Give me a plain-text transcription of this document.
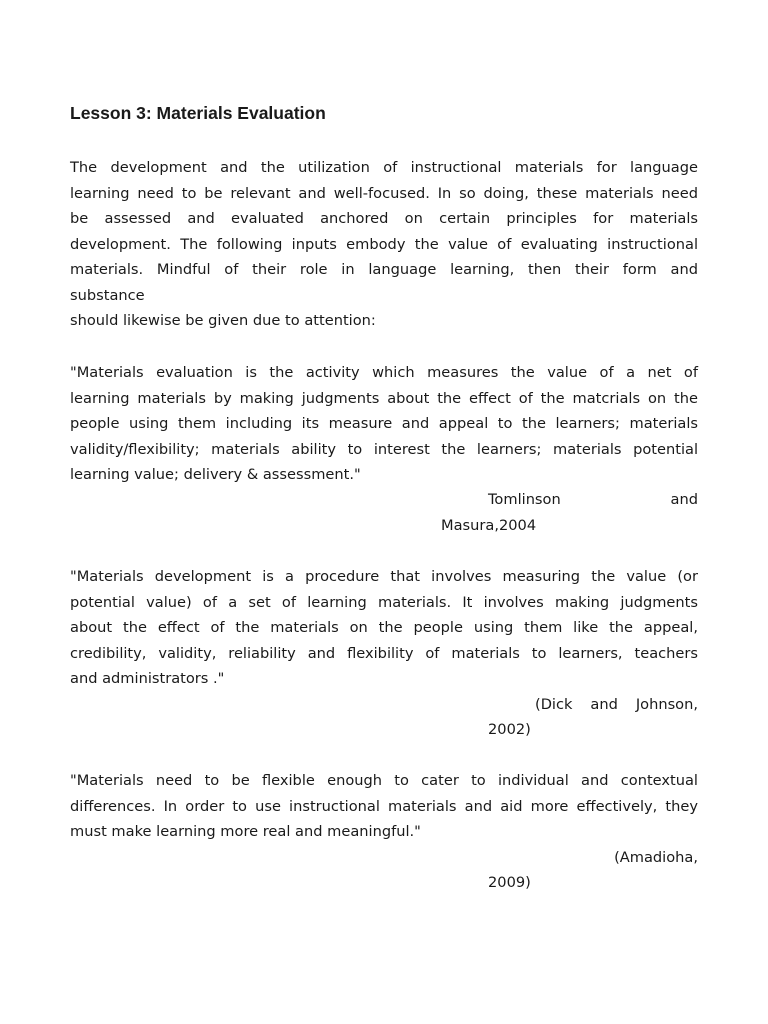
Lesson 3: Materials Evaluation
The development and the utilization of instructional materials for language
learning need to be relevant and well-focused. In so doing, these materials need
be assessed and evaluated anchored on certain principles for materials
development. The following inputs embody the value of evaluating instructional
materials. Mindful of their role in language learning, then their form and
substance
should likewise be given due to attention:
"Materials evaluation is the activity which measures the value of a net of
learning materials by making judgments about the effect of the matcrials on the
people using them including its measure and appeal to the learners; materials
validity/flexibility; materials ability to interest the learners; materials potential
learning value; delivery & assessment."
Tomlinson and
Masura,2004
"Materials development is a procedure that involves measuring the value (or
potential value) of a set of learning materials. It involves making judgments
about the effect of the materials on the people using them like the appeal,
credibility, validity, reliability and flexibility of materials to learners, teachers
and administrators ."
(Dick and Johnson,
2002)
"Materials need to be flexible enough to cater to individual and contextual
differences. In order to use instructional materials and aid more effectively, they
must make learning more real and meaningful."
(Amadioha,
2009)
